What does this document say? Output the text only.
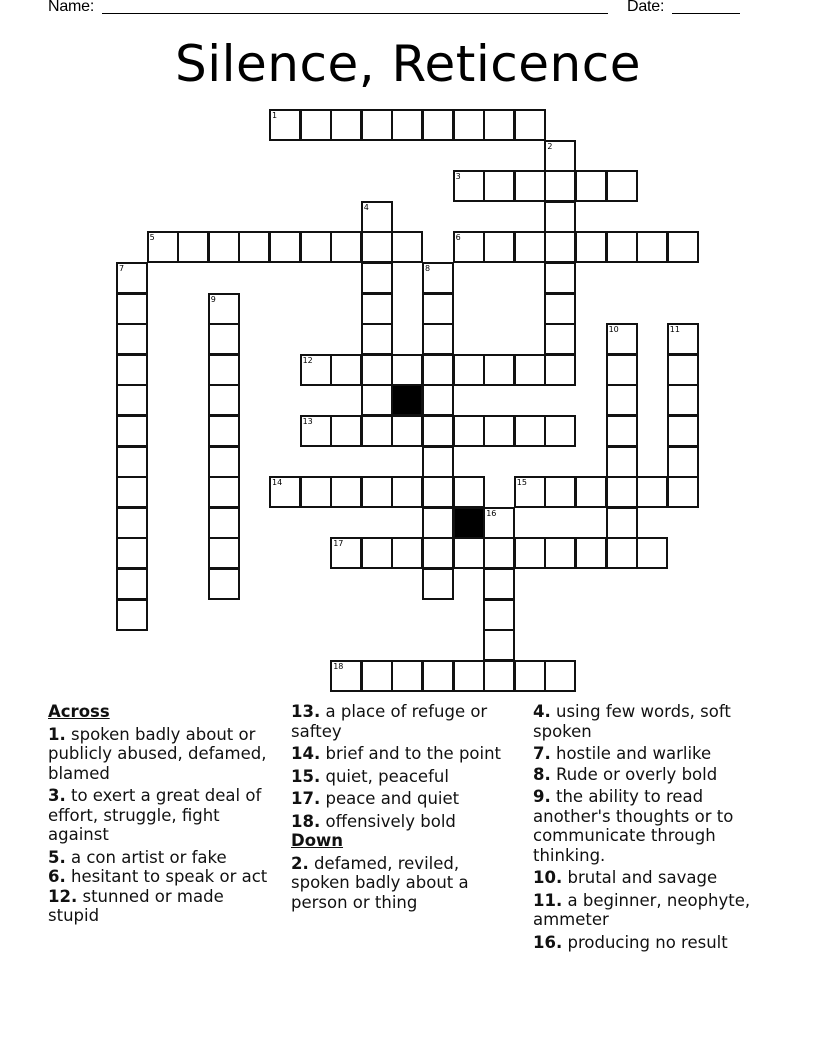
Name:	Date:
Silence, Reticence
1
2
3
4
5	6
7	8
9
10	11
12
13
14	15
16
17
18
Across
1. spoken badly about or publicly abused, defamed, blamed
3. to exert a great deal of effort, struggle, fight against
5. a con artist or fake
6. hesitant to speak or act
12. stunned or made stupid
13. a place of refuge or saftey
14. brief and to the point
15. quiet, peaceful
17. peace and quiet
18. offensively bold
Down
2. defamed, reviled, spoken badly about a person or thing
4. using few words, soft spoken
7. hostile and warlike
8. Rude or overly bold
9. the ability to read another's thoughts or to communicate through thinking.
10. brutal and savage
11. a beginner, neophyte, ammeter
16. producing no result
